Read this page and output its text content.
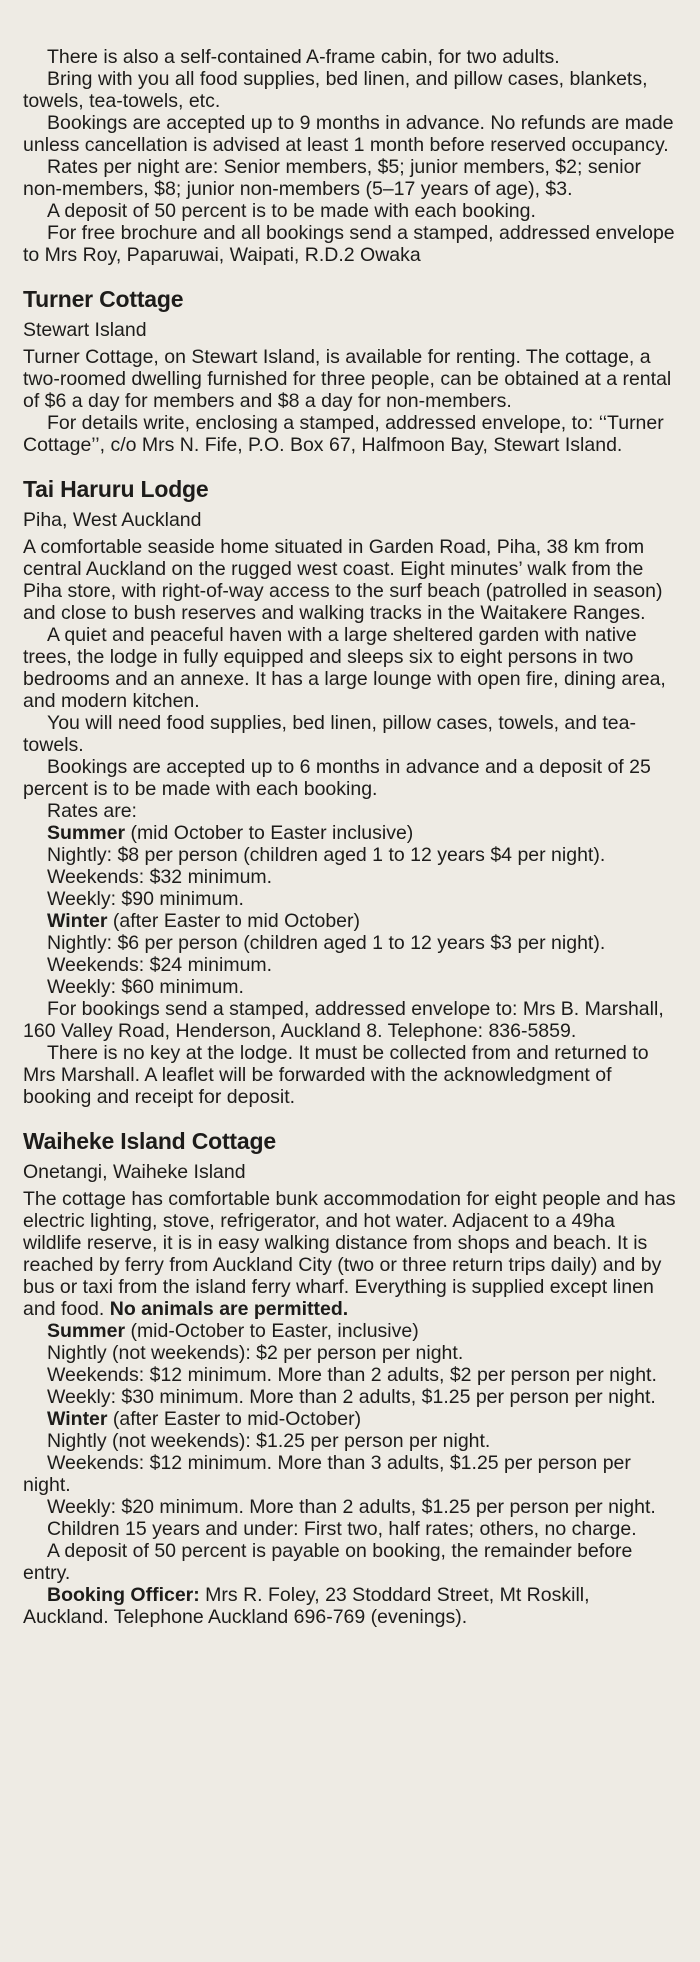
There is also a self-contained A-frame cabin, for two adults.

Bring with you all food supplies, bed linen, and pillow cases, blankets, towels, tea-towels, etc.

Bookings are accepted up to 9 months in advance. No refunds are made unless cancellation is advised at least 1 month before reserved occupancy.

Rates per night are: Senior members, $5; junior members, $2; senior non-members, $8; junior non-members (5–17 years of age), $3.

A deposit of 50 percent is to be made with each booking.

For free brochure and all bookings send a stamped, addressed envelope to Mrs Roy, Paparuwai, Waipati, R.D.2 Owaka

Turner Cottage

Stewart Island

Turner Cottage, on Stewart Island, is available for renting. The cottage, a two-roomed dwelling furnished for three people, can be obtained at a rental of $6 a day for members and $8 a day for non-members.

For details write, enclosing a stamped, addressed envelope, to: ‘‘Turner Cottage’’, c/o Mrs N. Fife, P.O. Box 67, Halfmoon Bay, Stewart Island.

Tai Haruru Lodge

Piha, West Auckland

A comfortable seaside home situated in Garden Road, Piha, 38 km from central Auckland on the rugged west coast. Eight minutes’ walk from the Piha store, with right-of-way access to the surf beach (patrolled in season) and close to bush reserves and walking tracks in the Waitakere Ranges.

A quiet and peaceful haven with a large sheltered garden with native trees, the lodge in fully equipped and sleeps six to eight persons in two bedrooms and an annexe. It has a large lounge with open fire, dining area, and modern kitchen.

You will need food supplies, bed linen, pillow cases, towels, and tea-towels.

Bookings are accepted up to 6 months in advance and a deposit of 25 percent is to be made with each booking.

Rates are:

Summer (mid October to Easter inclusive)

Nightly: $8 per person (children aged 1 to 12 years $4 per night).

Weekends: $32 minimum.

Weekly: $90 minimum.

Winter (after Easter to mid October)

Nightly: $6 per person (children aged 1 to 12 years $3 per night).

Weekends: $24 minimum.

Weekly: $60 minimum.

For bookings send a stamped, addressed envelope to: Mrs B. Marshall, 160 Valley Road, Henderson, Auckland 8. Telephone: 836-5859.

There is no key at the lodge. It must be collected from and returned to Mrs Marshall. A leaflet will be forwarded with the acknowledgment of booking and receipt for deposit.

Waiheke Island Cottage

Onetangi, Waiheke Island

The cottage has comfortable bunk accommodation for eight people and has electric lighting, stove, refrigerator, and hot water. Adjacent to a 49ha wildlife reserve, it is in easy walking distance from shops and beach. It is reached by ferry from Auckland City (two or three return trips daily) and by bus or taxi from the island ferry wharf. Everything is supplied except linen and food. No animals are permitted.

Summer (mid-October to Easter, inclusive)

Nightly (not weekends): $2 per person per night.

Weekends: $12 minimum. More than 2 adults, $2 per person per night.

Weekly: $30 minimum. More than 2 adults, $1.25 per person per night.

Winter (after Easter to mid-October)

Nightly (not weekends): $1.25 per person per night.

Weekends: $12 minimum. More than 3 adults, $1.25 per person per night.

Weekly: $20 minimum. More than 2 adults, $1.25 per person per night.

Children 15 years and under: First two, half rates; others, no charge.

A deposit of 50 percent is payable on booking, the remainder before entry.

Booking Officer: Mrs R. Foley, 23 Stoddard Street, Mt Roskill, Auckland. Telephone Auckland 696-769 (evenings).
